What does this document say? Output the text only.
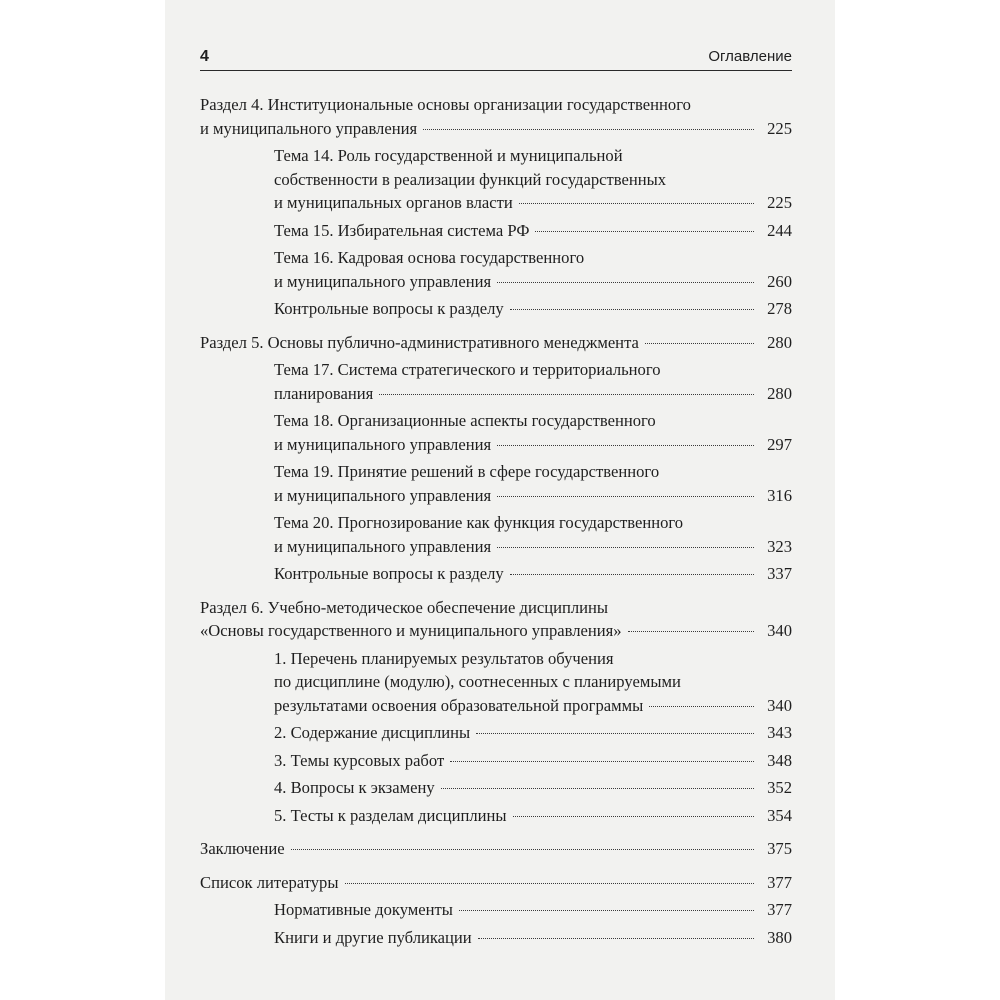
4	Оглавление
Раздел 4. Институциональные основы организации государственного
и муниципального управления	225
Тема 14. Роль государственной и муниципальной
собственности в реализации функций государственных
и муниципальных органов власти	225
Тема 15. Избирательная система РФ	244
Тема 16. Кадровая основа государственного
и муниципального управления	260
Контрольные вопросы к разделу	278
Раздел 5. Основы публично-административного менеджмента	280
Тема 17. Система стратегического и территориального
планирования	280
Тема 18. Организационные аспекты государственного
и муниципального управления	297
Тема 19. Принятие решений в сфере государственного
и муниципального управления	316
Тема 20. Прогнозирование как функция государственного
и муниципального управления	323
Контрольные вопросы к разделу	337
Раздел 6. Учебно-методическое обеспечение дисциплины
«Основы государственного и муниципального управления»	340
1. Перечень планируемых результатов обучения
по дисциплине (модулю), соотнесенных с планируемыми
результатами освоения образовательной программы	340
2. Содержание дисциплины	343
3. Темы курсовых работ	348
4. Вопросы к экзамену	352
5. Тесты к разделам дисциплины	354
Заключение	375
Список литературы	377
Нормативные документы	377
Книги и другие публикации	380
